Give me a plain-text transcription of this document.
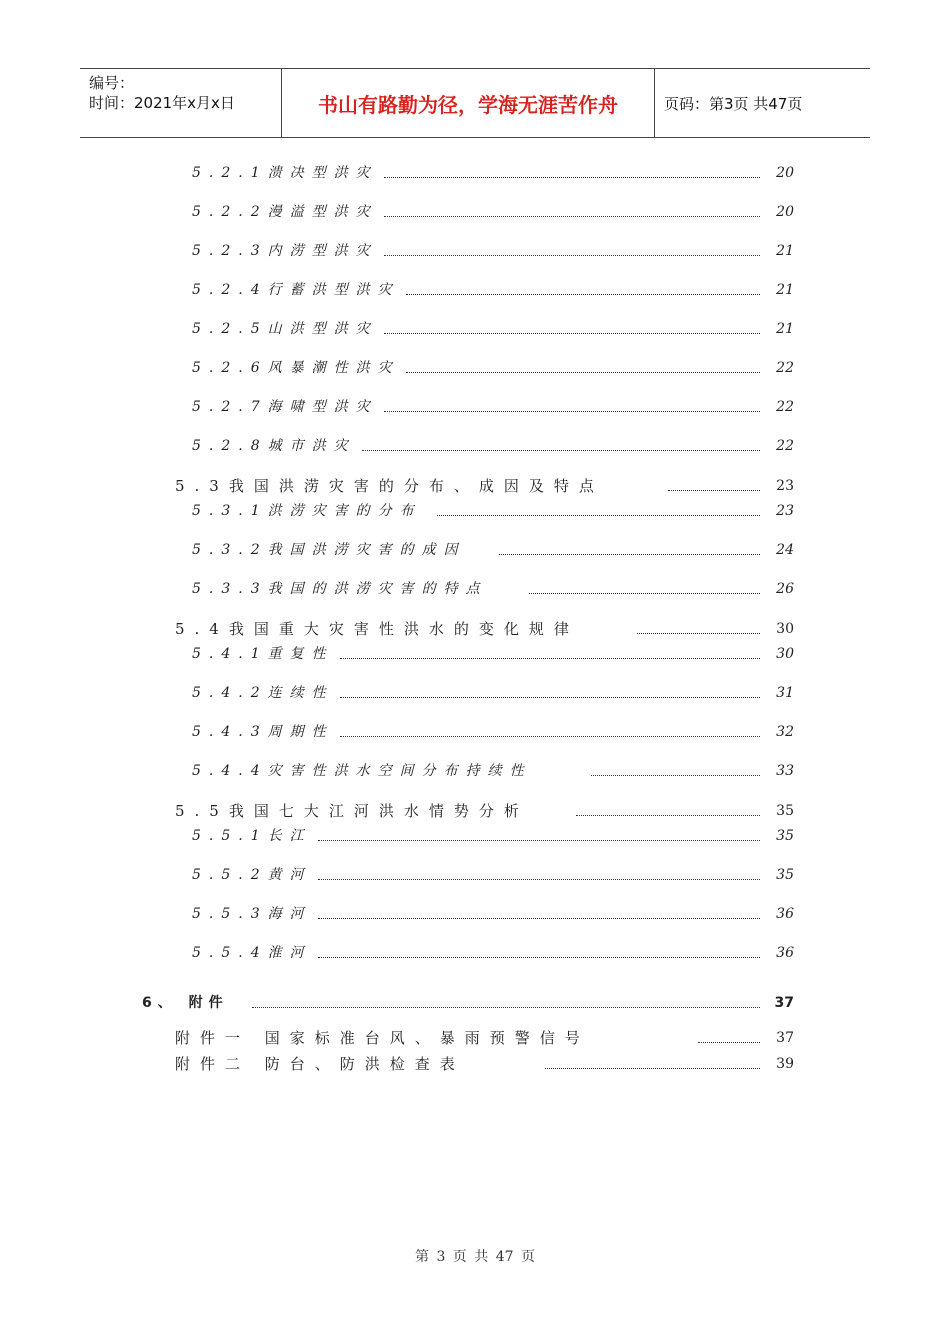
编号：
时间：2021年x月x日	书山有路勤为径，学海无涯苦作舟	页码：第3页 共47页
5.2.1溃决型洪灾	20
5.2.2漫溢型洪灾	20
5.2.3内涝型洪灾	21
5.2.4行蓄洪型洪灾	21
5.2.5山洪型洪灾	21
5.2.6风暴潮性洪灾	22
5.2.7海啸型洪灾	22
5.2.8城市洪灾	22
5.3我国洪涝灾害的分布、成因及特点	23
5.3.1洪涝灾害的分布	23
5.3.2我国洪涝灾害的成因	24
5.3.3我国的洪涝灾害的特点	26
5.4我国重大灾害性洪水的变化规律	30
5.4.1重复性	30
5.4.2连续性	31
5.4.3周期性	32
5.4.4灾害性洪水空间分布持续性	33
5.5我国七大江河洪水情势分析	35
5.5.1长江	35
5.5.2黄河	35
5.5.3海河	36
5.5.4淮河	36
6、 附件	37
附件一 国家标准台风、暴雨预警信号	37
附件二 防台、防洪检查表	39
第 3 页 共 47 页
